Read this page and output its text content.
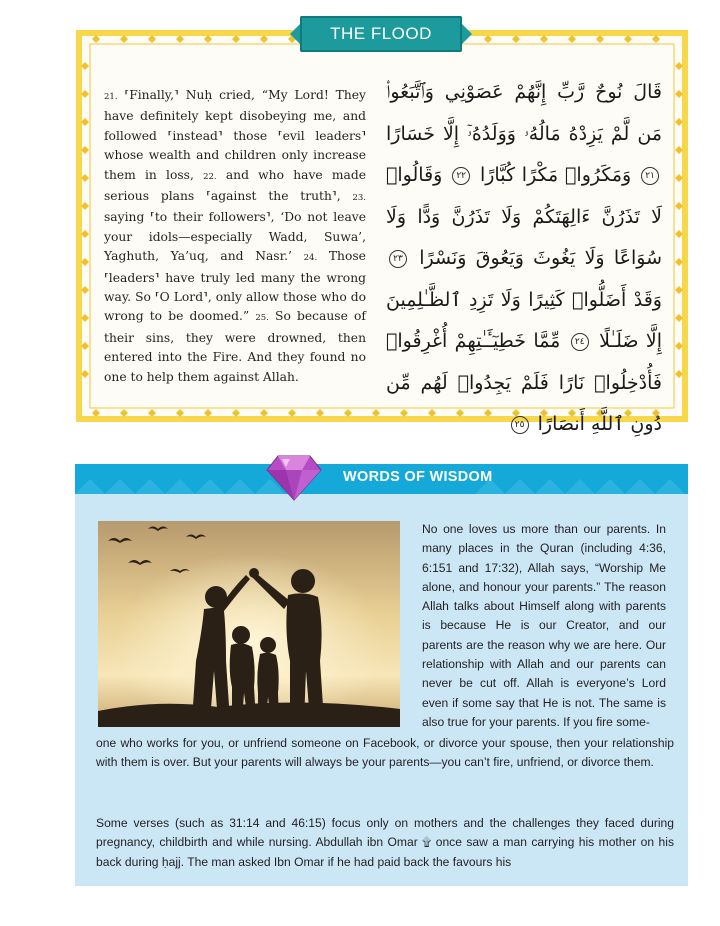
THE FLOOD
21. ⸢Finally,⸣ Nuḥ cried, “My Lord! They have definitely kept disobeying me, and followed ⸢instead⸣ those ⸢evil leaders⸣ whose wealth and children only increase them in loss, 22. and who have made serious plans ⸢against the truth⸣, 23. saying ⸢to their followers⸣, ‘Do not leave your idols—especially Wadd, Suwa’, Yaghuth, Ya’uq, and Nasr.’ 24. Those ⸢leaders⸣ have truly led many the wrong way. So ⸢O Lord⸣, only allow those who do wrong to be doomed.” 25. So because of their sins, they were drowned, then entered into the Fire. And they found no one to help them against Allah.
قَالَ نُوحٌ رَّبِّ إِنَّهُمْ عَصَوْنِي وَٱتَّبَعُوا۟ مَن لَّمْ يَزِدْهُ مَالُهُۥ وَوَلَدُهُۥٓ إِلَّا خَسَارًا ٢١ وَمَكَرُوا۟ مَكْرًا كُبَّارًا ٢٢ وَقَالُوا۟ لَا تَذَرُنَّ ءَالِهَتَكُمْ وَلَا تَذَرُنَّ وَدًّا وَلَا سُوَاعًا وَلَا يَغُوثَ وَيَعُوقَ وَنَسْرًا ٢٣ وَقَدْ أَضَلُّوا۟ كَثِيرًا وَلَا تَزِدِ ٱلظَّـٰلِمِينَ إِلَّا ضَلَـٰلًا ٢٤ مِّمَّا خَطِيٓـَٔـٰتِهِمْ أُغْرِقُوا۟ فَأُدْخِلُوا۟ نَارًا فَلَمْ يَجِدُوا۟ لَهُم مِّن دُونِ ٱللَّهِ أَنصَارًا ٢٥
WORDS OF WISDOM
No one loves us more than our parents. In many places in the Quran (including 4:36, 6:151 and 17:32), Allah says, “Worship Me alone, and honour your parents.” The reason Allah talks about Himself along with parents is because He is our Creator, and our parents are the reason why we are here. Our relationship with Allah and our parents can never be cut off. Allah is everyone’s Lord even if some say that He is not. The same is also true for your parents. If you fire some-
one who works for you, or unfriend someone on Facebook, or divorce your spouse, then your relationship with them is over. But your parents will always be your parents—you can’t fire, unfriend, or divorce them.
Some verses (such as 31:14 and 46:15) focus only on mothers and the challenges they faced during pregnancy, childbirth and while nursing. Abdullah ibn Omar ۩ once saw a man carrying his mother on his back during ḥajj. The man asked Ibn Omar if he had paid back the favours his
